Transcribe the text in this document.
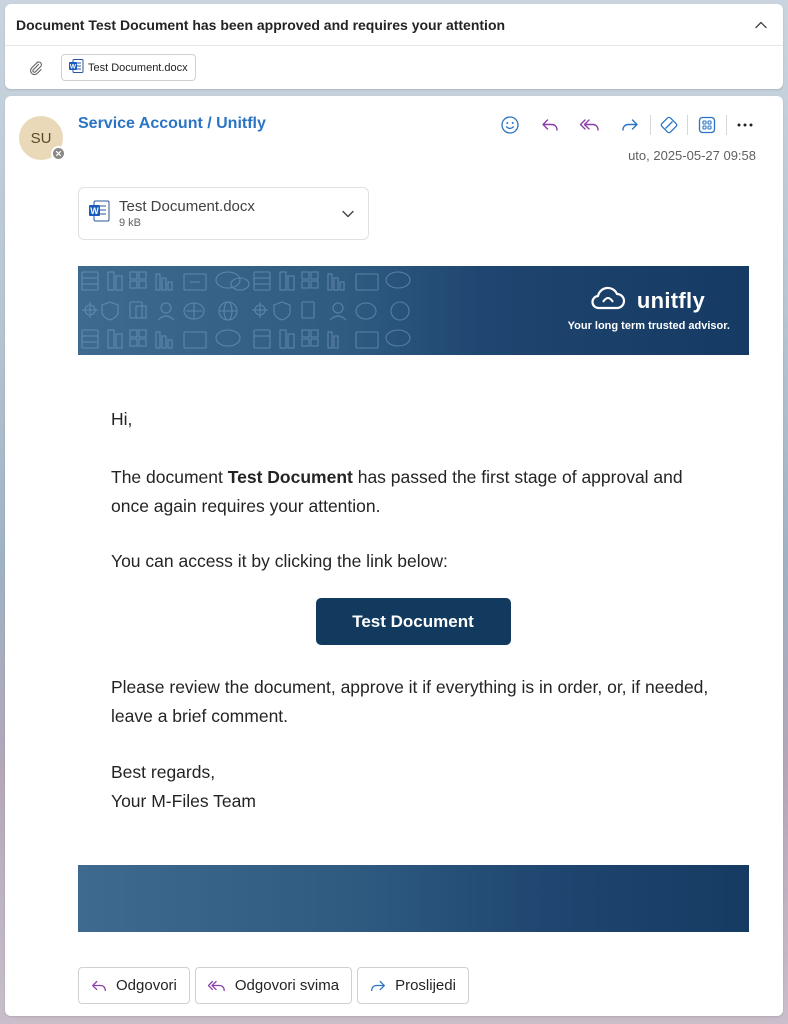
Document Test Document has been approved and requires your attention
W Test Document.docx
SU
Service Account / Unitfly
uto, 2025-05-27 09:58
W Test Document.docx
9 kB
unitfly
Your long term trusted advisor.

Hi,

The document Test Document has passed the first stage of approval and once again requires your attention.

You can access it by clicking the link below:

Test Document

Please review the document, approve it if everything is in order, or, if needed, leave a brief comment.

Best regards,

Your M-Files Team

Odgovori	Odgovori svima	Proslijedi
